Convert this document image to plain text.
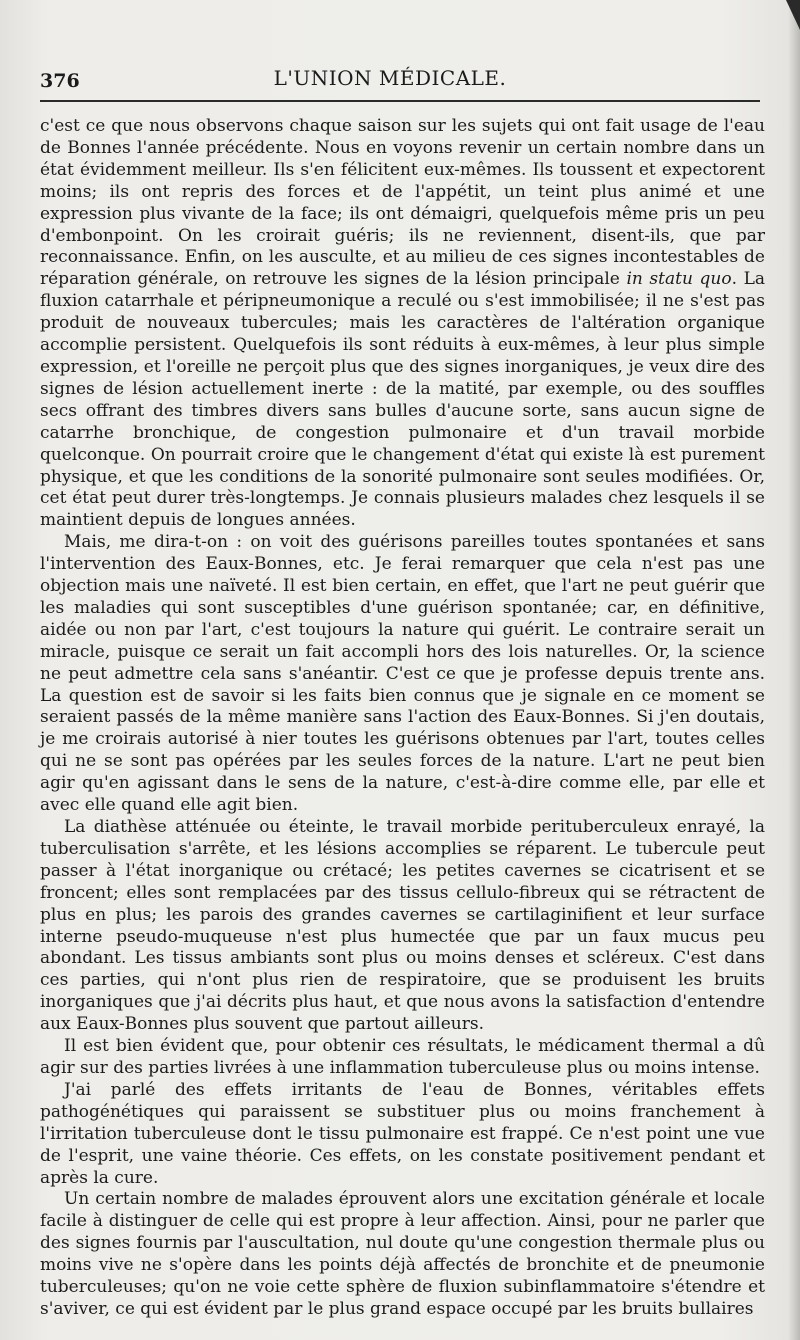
376	L'UNION MÉDICALE.

c'est ce que nous observons chaque saison sur les sujets qui ont fait usage de l'eau de Bonnes l'année précédente. Nous en voyons revenir un certain nombre dans un état évidemment meilleur. Ils s'en félicitent eux-mêmes. Ils toussent et expectorent moins; ils ont repris des forces et de l'appétit, un teint plus animé et une expression plus vivante de la face; ils ont démaigri, quelquefois même pris un peu d'embonpoint. On les croirait guéris; ils ne reviennent, disent-ils, que par reconnaissance. Enfin, on les ausculte, et au milieu de ces signes incontestables de réparation générale, on retrouve les signes de la lésion principale in statu quo. La fluxion catarrhale et péripneumonique a reculé ou s'est immobilisée; il ne s'est pas produit de nouveaux tubercules; mais les caractères de l'altération organique accomplie persistent. Quelquefois ils sont réduits à eux-mêmes, à leur plus simple expression, et l'oreille ne perçoit plus que des signes inorganiques, je veux dire des signes de lésion actuellement inerte : de la matité, par exemple, ou des souffles secs offrant des timbres divers sans bulles d'aucune sorte, sans aucun signe de catarrhe bronchique, de congestion pulmonaire et d'un travail morbide quelconque. On pourrait croire que le changement d'état qui existe là est purement physique, et que les conditions de la sonorité pulmonaire sont seules modifiées. Or, cet état peut durer très-longtemps. Je connais plusieurs malades chez lesquels il se maintient depuis de longues années.

Mais, me dira-t-on : on voit des guérisons pareilles toutes spontanées et sans l'intervention des Eaux-Bonnes, etc. Je ferai remarquer que cela n'est pas une objection mais une naïveté. Il est bien certain, en effet, que l'art ne peut guérir que les maladies qui sont susceptibles d'une guérison spontanée; car, en définitive, aidée ou non par l'art, c'est toujours la nature qui guérit. Le contraire serait un miracle, puisque ce serait un fait accompli hors des lois naturelles. Or, la science ne peut admettre cela sans s'anéantir. C'est ce que je professe depuis trente ans. La question est de savoir si les faits bien connus que je signale en ce moment se seraient passés de la même manière sans l'action des Eaux-Bonnes. Si j'en doutais, je me croirais autorisé à nier toutes les guérisons obtenues par l'art, toutes celles qui ne se sont pas opérées par les seules forces de la nature. L'art ne peut bien agir qu'en agissant dans le sens de la nature, c'est-à-dire comme elle, par elle et avec elle quand elle agit bien.

La diathèse atténuée ou éteinte, le travail morbide perituberculeux enrayé, la tuberculisation s'arrête, et les lésions accomplies se réparent. Le tubercule peut passer à l'état inorganique ou crétacé; les petites cavernes se cicatrisent et se froncent; elles sont remplacées par des tissus cellulo-fibreux qui se rétractent de plus en plus; les parois des grandes cavernes se cartilaginifient et leur surface interne pseudo-muqueuse n'est plus humectée que par un faux mucus peu abondant. Les tissus ambiants sont plus ou moins denses et scléreux. C'est dans ces parties, qui n'ont plus rien de respiratoire, que se produisent les bruits inorganiques que j'ai décrits plus haut, et que nous avons la satisfaction d'entendre aux Eaux-Bonnes plus souvent que partout ailleurs.

Il est bien évident que, pour obtenir ces résultats, le médicament thermal a dû agir sur des parties livrées à une inflammation tuberculeuse plus ou moins intense.

J'ai parlé des effets irritants de l'eau de Bonnes, véritables effets pathogénétiques qui paraissent se substituer plus ou moins franchement à l'irritation tuberculeuse dont le tissu pulmonaire est frappé. Ce n'est point une vue de l'esprit, une vaine théorie. Ces effets, on les constate positivement pendant et après la cure.

Un certain nombre de malades éprouvent alors une excitation générale et locale facile à distinguer de celle qui est propre à leur affection. Ainsi, pour ne parler que des signes fournis par l'auscultation, nul doute qu'une congestion thermale plus ou moins vive ne s'opère dans les points déjà affectés de bronchite et de pneumonie tuberculeuses; qu'on ne voie cette sphère de fluxion subinflammatoire s'étendre et s'aviver, ce qui est évident par le plus grand espace occupé par les bruits bullaires
